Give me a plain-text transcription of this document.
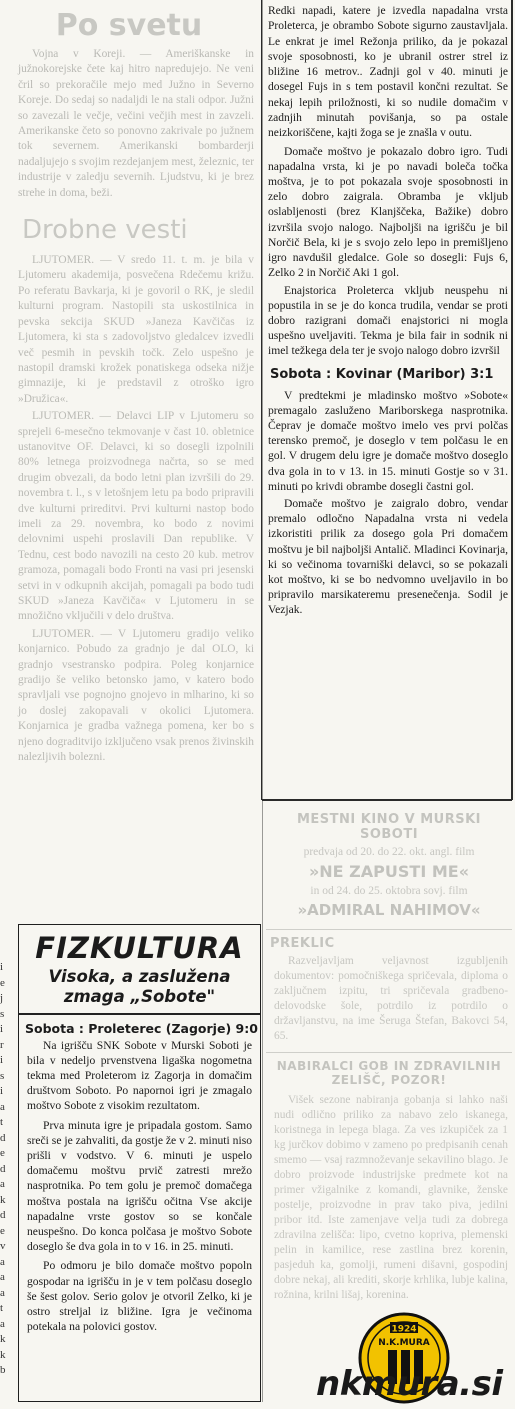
Po svetu

Vojna v Koreji. — Ameriškanske in južnokorejske čete kaj hitro napredujejo. Ne veni čril so prekoračile mejo med Južno in Severno Koreje. Do sedaj so nadaljdi le na stali odpor. Južni so zavezali le večje, večini večjih mest in zavzeli. Amerikanske četo so ponovno zakrivale po južnem tok severnem. Amerikanski bombarderji nadaljujejo s svojim rezdejanjem mest, železnic, ter industrije v zaledju severnih. Ljudstvu, ki je brez strehe in doma, beži.

Drobne vesti

LJUTOMER. — V sredo 11. t. m. je bila v Ljutomeru akademija, posvečena Rdečemu križu. Po referatu Bavkarja, ki je govoril o RK, je sledil kulturni program. Nastopili sta uskostilnica in pevska sekcija SKUD »Janeza Kavčičas iz Ljutomera, ki sta s zadovoljstvo gledalcev izvedli več pesmih in pevskih točk. Zelo uspešno je nastopil dramski krožek ponatiskega odseka nižje gimnazije, ki je predstavil z otroško igro »Družica«.

LJUTOMER. — Delavci LIP v Ljutomeru so sprejeli 6-mesečno tekmovanje v čast 10. obletnice ustanovitve OF. Delavci, ki so dosegli izpolnili 80% letnega proizvodnega načrta, so se med drugim obvezali, da bodo letni plan izvršili do 29. novembra t. l., s v letošnjem letu pa bodo pripravili dve kulturni prireditvi. Prvi kulturni nastop bodo imeli za 29. novembra, ko bodo z novimi delovnimi uspehi proslavili Dan republike. V Tednu, cest bodo navozili na cesto 20 kub. metrov gramoza, pomagali bodo Fronti na vasi pri jesenski setvi in v odkupnih akcijah, pomagali pa bodo tudi SKUD »Janeza Kavčiča« v Ljutomeru in se množično vključili v delo društva.

LJUTOMER. — V Ljutomeru gradijo veliko konjarnico. Pobudo za gradnjo je dal OLO, ki gradnjo vsestransko podpira. Poleg konjarnice gradijo še veliko betonsko jamo, v katero bodo spravljali vse pognojno gnojevo in mlharino, ki so jo doslej zakopavali v okolici Ljutomera. Konjarnica je gradba važnega pomena, ker bo s njeno dograditvijo izključeno vsak prenos živinskih nalezljivih bolezni.

i
e
j
s
i
r
i
s
i
a
t
d
e
d
a
k
d
e
v
a
a
a
t
a
k
k
b

Redki napadi, katere je izvedla napadalna vrsta Proleterca, je obrambo Sobote sigurno zaustavljala. Le enkrat je imel Režonja priliko, da je pokazal svoje sposobnosti, ko je ubranil ostrer strel iz bližine 16 metrov.. Zadnji gol v 40. minuti je dosegel Fujs in s tem postavil končni rezultat. Se nekaj lepih priložnosti, ki so nudile domačim v zadnjih minutah povišanja, so pa ostale neizkoriščene, kajti žoga se je znašla v outu.

Domače moštvo je pokazalo dobro igro. Tudi napadalna vrsta, ki je po navadi boleča točka moštva, je to pot pokazala svoje sposobnosti in zelo dobro zaigrala. Obramba je vkljub oslabljenosti (brez Klanjščeka, Bažike) dobro izvršila svojo nalogo. Najboljši na igrišču je bil Norčič Bela, ki je s svojo zelo lepo in premišljeno igro navdušil gledalce. Gole so dosegli: Fujs 6, Zelko 2 in Norčič Aki 1 gol.

Enajstorica Proleterca vkljub neuspehu ni popustila in se je do konca trudila, vendar se proti dobro razigrani domači enajstorici ni mogla uspešno uveljaviti. Tekma je bila fair in sodnik ni imel težkega dela ter je svojo nalogo dobro izvršil

Sobota : Kovinar (Maribor) 3:1

V predtekmi je mladinsko moštvo »Sobote« premagalo zasluženo Mariborskega nasprotnika. Čeprav je domače moštvo imelo ves prvi polčas terensko premoč, je doseglo v tem polčasu le en gol. V drugem delu igre je domače moštvo doseglo dva gola in to v 13. in 15. minuti Gostje so v 31. minuti po krivdi obrambe dosegli častni gol.

Domače moštvo je zaigralo dobro, vendar premalo odločno Napadalna vrsta ni vedela izkoristiti prilik za dosego gola Pri domačem moštvu je bil najboljši Antalič. Mladinci Kovinarja, ki so večinoma tovarniški delavci, so se pokazali kot moštvo, ki se bo nedvomno uveljavilo in bo pripravilo marsikateremu presenečenja. Sodil je Vezjak.

MESTNI KINO V MURSKI SOBOTI
predvaja od 20. do 22. okt. angl. film
»NE ZAPUSTI ME«
in od 24. do 25. oktobra sovj. film
»ADMIRAL NAHIMOV«
PREKLIC

Razveljavljam veljavnost izgubljenih dokumentov: pomočniškega spričevala, diploma o zaključnem izpitu, tri spričevala gradbeno-delovodske šole, potrdilo iz potrdilo o državljanstvu, na ime Šeruga Štefan, Bakovci 54, 65.

NABIRALCI GOB IN ZDRAVILNIH ZELIŠČ, POZOR!

Višek sezone nabiranja gobanja si lahko naši nudi odlično priliko za nabavo zelo iskanega, koristnega in lepega blaga. Za ves izkupiček za 1 kg jurčkov dobimo v zameno po predpisanih cenah smemo — vsaj razmnoževanje sekavilino blago. Je dobro proizvode industrijske predmete kot na primer vžigalnike z komandi, glavnike, ženske postelje, proizvodne in prav tako piva, jedilni pribor itd. Iste zamenjave velja tudi za dobrega zdravilna zelišča: lipo, cvetno kopriva, plemenski pelin in kamilice, rese zastlina brez korenin, pasjeduh ka, gomolji, rumeni dišavni, gospodinj dobre nekaj, ali krediti, skorje krhlika, lubje kalina, rožnina, krilni lišaj, korenina.

FIZKULTURA
Visoka, a zaslužena zmaga „Sobote"
Sobota : Proleterec (Zagorje) 9:0

Na igrišču SNK Sobote v Murski Soboti je bila v nedeljo prvenstvena ligaška nogometna tekma med Proleterom iz Zagorja in domačim društvom Soboto. Po napornoi igri je zmagalo moštvo Sobote z visokim rezultatom.

Prva minuta igre je pripadala gostom. Samo sreči se je zahvaliti, da gostje že v 2. minuti niso prišli v vodstvo. V 6. minuti je uspelo domačemu moštvu prvič zatresti mrežo nasprotnika. Po tem golu je premoč domačega moštva postala na igrišču očitna Vse akcije napadalne vrste gostov so se končale neuspešno. Do konca polčasa je moštvo Sobote doseglo še dva gola in to v 16. in 25. minuti.

Po odmoru je bilo domače moštvo popoln gospodar na igrišču in je v tem polčasu doseglo še šest golov. Serio golov je otvoril Zelko, ki je ostro streljal iz bližine. Igra je večinoma potekala na polovici gostov.	1924
N.K.MURA
nkmura.si
